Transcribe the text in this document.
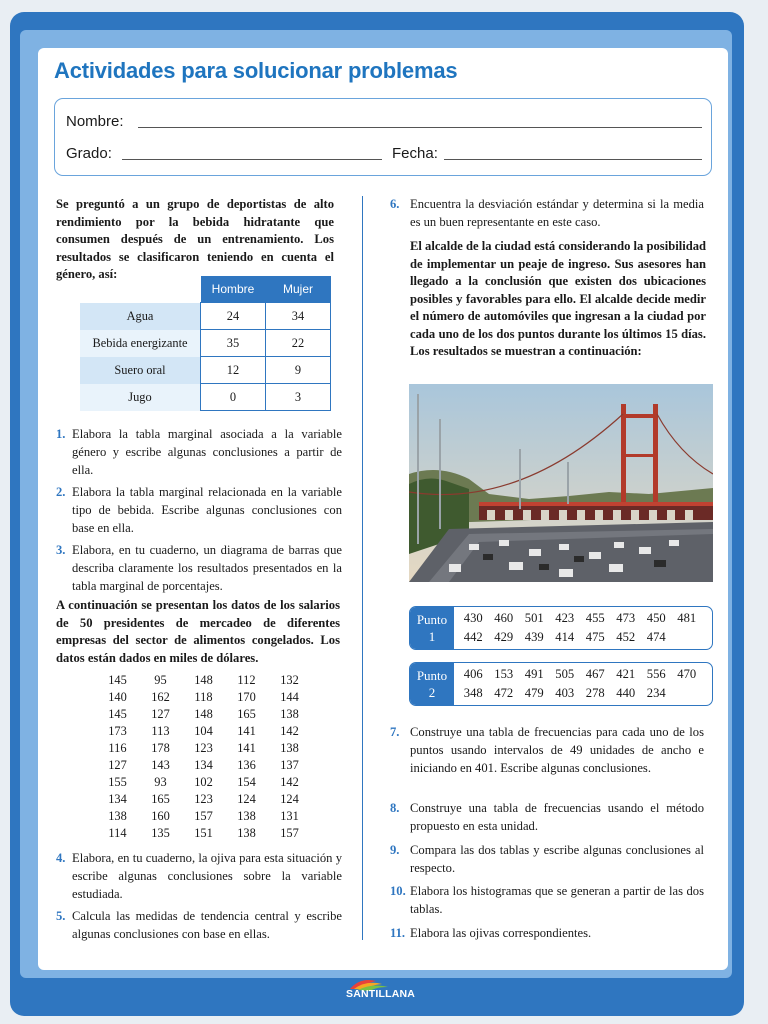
Actividades para solucionar problemas
Nombre:
Grado:	Fecha:

Se preguntó a un grupo de deportistas de alto rendimiento por la bebida hidratante que consumen después de un entrenamiento. Los resultados se clasificaron teniendo en cuenta el género, así:

	Hombre	Mujer
Agua	24	34
Bebida energizante	35	22
Suero oral	12	9
Jugo	0	3
1. Elabora la tabla marginal asociada a la variable género y escribe algunas conclusiones a partir de ella.
2. Elabora la tabla marginal relacionada en la variable tipo de bebida. Escribe algunas conclusiones con base en ella.
3. Elabora, en tu cuaderno, un diagrama de barras que describa claramente los resultados presentados en la tabla marginal de porcentajes.

A continuación se presentan los datos de los salarios de 50 presidentes de mercadeo de diferentes empresas del sector de alimentos congelados. Los datos están dados en miles de dólares.

145	95	148	112	132
140	162	118	170	144
145	127	148	165	138
173	113	104	141	142
116	178	123	141	138
127	143	134	136	137
155	93	102	154	142
134	165	123	124	124
138	160	157	138	131
114	135	151	138	157
4. Elabora, en tu cuaderno, la ojiva para esta situación y escribe algunas conclusiones sobre la variable estudiada.
5. Calcula las medidas de tendencia central y escribe algunas conclusiones con base en ellas.
6. Encuentra la desviación estándar y determina si la media es un buen representante en este caso.

El alcalde de la ciudad está considerando la posibilidad de implementar un peaje de ingreso. Sus asesores han llegado a la conclusión que existen dos ubicaciones posibles y favorables para ello. El alcalde decide medir el número de automóviles que ingresan a la ciudad por cada uno de los dos puntos durante los últimos 15 días. Los resultados se muestran a continuación:

Punto
1
430 460 501 423 455 473 450 481
442 429 439 414 475 452 474
Punto
2
406 153 491 505 467 421 556 470
348 472 479 403 278 440 234
7. Construye una tabla de frecuencias para cada uno de los puntos usando intervalos de 49 unidades de ancho e iniciando en 401. Escribe algunas conclusiones.
8. Construye una tabla de frecuencias usando el método propuesto en esta unidad.
9. Compara las dos tablas y escribe algunas conclusiones al respecto.
10. Elabora los histogramas que se generan a partir de las dos tablas.
11. Elabora las ojivas correspondientes.
SANTILLANA
